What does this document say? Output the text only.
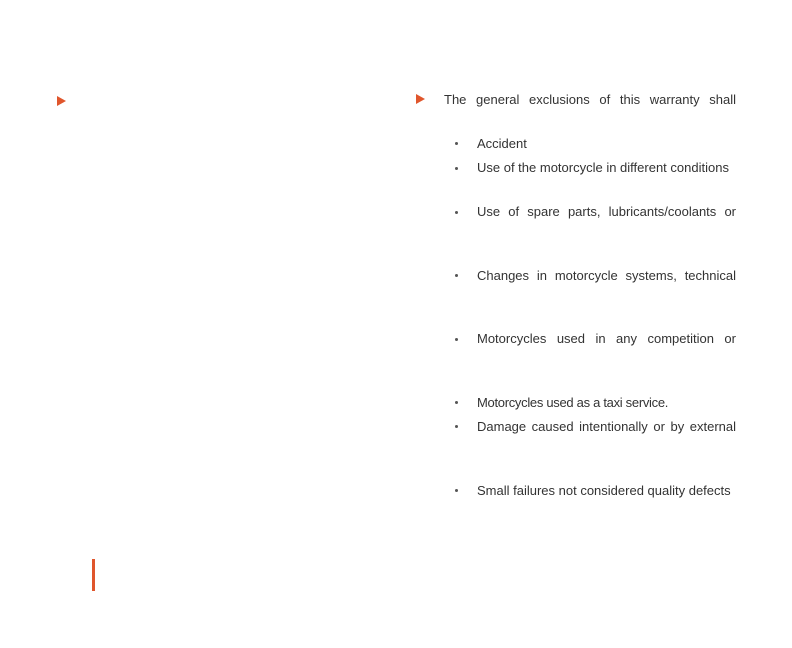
The general exclusions of this warranty shall
Accident
Use of the motorcycle in different conditions
Use of spare parts, lubricants/coolants or
Changes in motorcycle systems, technical
Motorcycles used in any competition or
Motorcycles used as a taxi service.
Damage caused intentionally or by external
Small failures not considered quality defects
